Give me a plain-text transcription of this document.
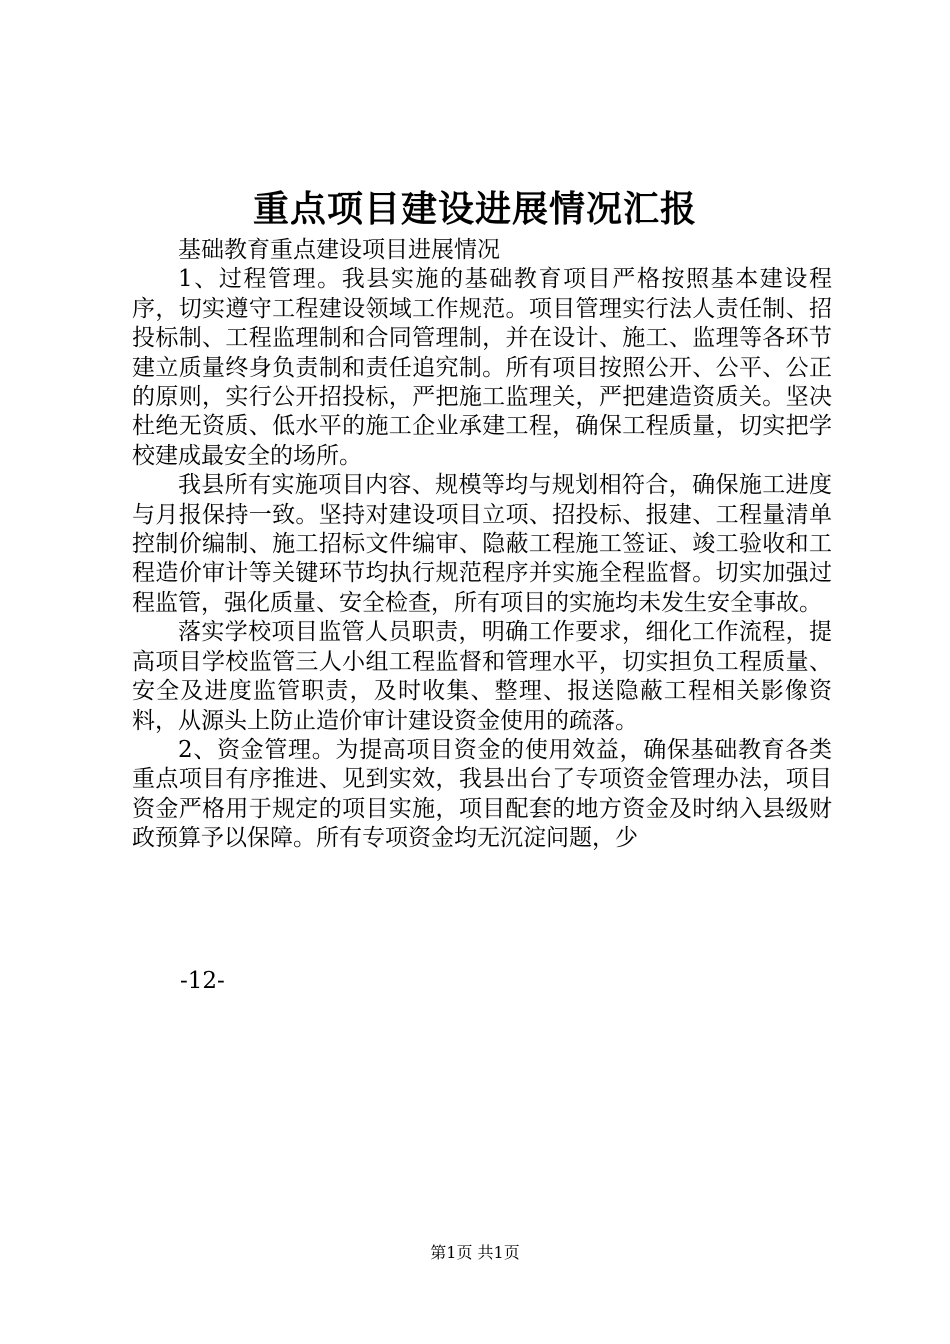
重点项目建设进展情况汇报

基础教育重点建设项目进展情况

1、过程管理。我县实施的基础教育项目严格按照基本建设程序，切实遵守工程建设领域工作规范。项目管理实行法人责任制、招投标制、工程监理制和合同管理制，并在设计、施工、监理等各环节建立质量终身负责制和责任追究制。所有项目按照公开、公平、公正的原则，实行公开招投标，严把施工监理关，严把建造资质关。坚决杜绝无资质、低水平的施工企业承建工程，确保工程质量，切实把学校建成最安全的场所。

我县所有实施项目内容、规模等均与规划相符合，确保施工进度与月报保持一致。坚持对建设项目立项、招投标、报建、工程量清单控制价编制、施工招标文件编审、隐蔽工程施工签证、竣工验收和工程造价审计等关键环节均执行规范程序并实施全程监督。切实加强过程监管，强化质量、安全检查，所有项目的实施均未发生安全事故。

落实学校项目监管人员职责，明确工作要求，细化工作流程，提高项目学校监管三人小组工程监督和管理水平，切实担负工程质量、安全及进度监管职责，及时收集、整理、报送隐蔽工程相关影像资料，从源头上防止造价审计建设资金使用的疏落。

2、资金管理。为提高项目资金的使用效益，确保基础教育各类重点项目有序推进、见到实效，我县出台了专项资金管理办法，项目资金严格用于规定的项目实施，项目配套的地方资金及时纳入县级财政预算予以保障。所有专项资金均无沉淀问题，少

-12-
第1页 共1页
